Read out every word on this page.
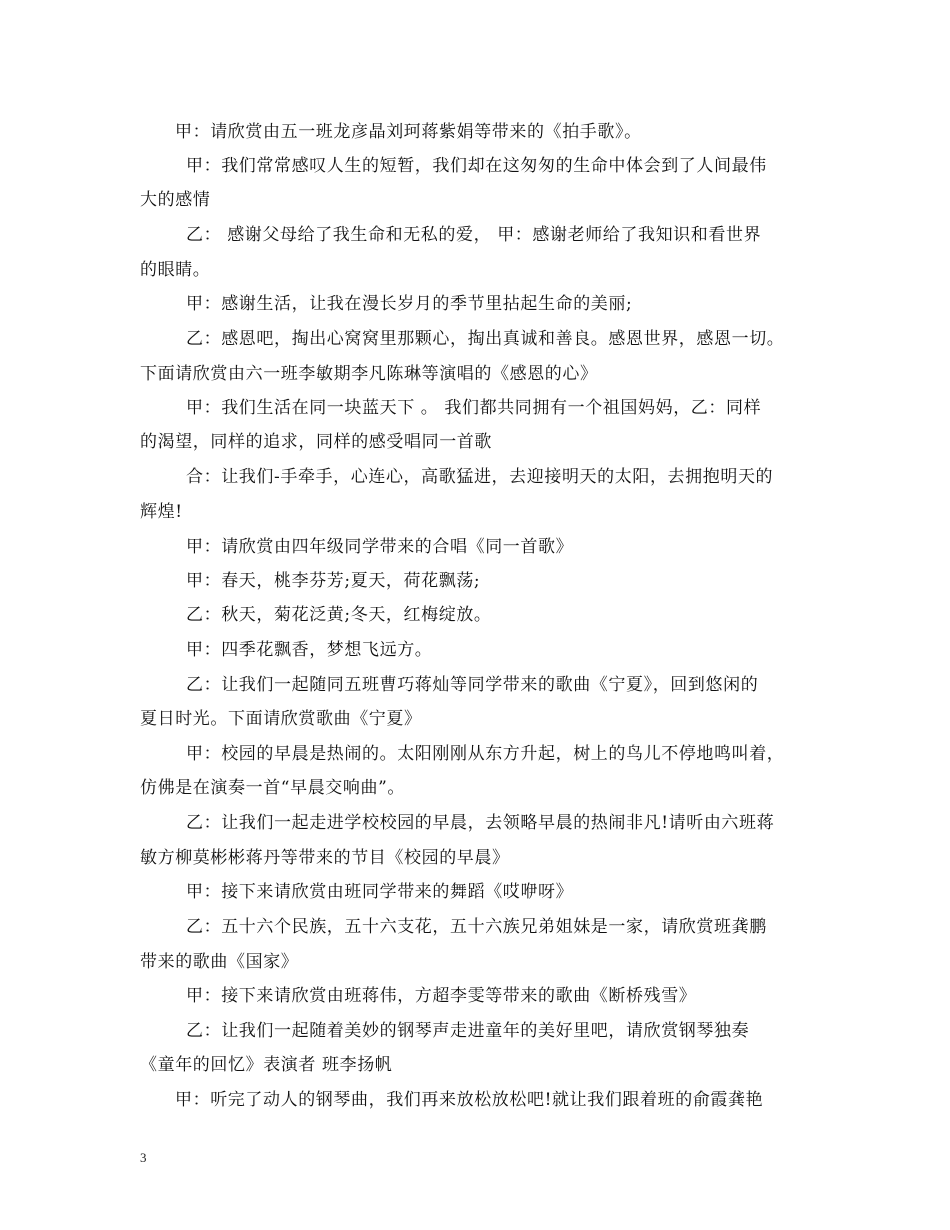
甲：请欣赏由五一班龙彦晶刘珂蒋紫娟等带来的《拍手歌》。
甲：我们常常感叹人生的短暂，我们却在这匆匆的生命中体会到了人间最伟
大的感情
乙： 感谢父母给了我生命和无私的爱， 甲：感谢老师给了我知识和看世界
的眼睛。
甲：感谢生活，让我在漫长岁月的季节里拈起生命的美丽;
乙：感恩吧，掏出心窝窝里那颗心，掏出真诚和善良。感恩世界，感恩一切。
下面请欣赏由六一班李敏期李凡陈琳等演唱的《感恩的心》
甲：我们生活在同一块蓝天下 。 我们都共同拥有一个祖国妈妈，乙：同样
的渴望，同样的追求，同样的感受唱同一首歌
合：让我们-手牵手，心连心，高歌猛进，去迎接明天的太阳，去拥抱明天的
辉煌!
甲：请欣赏由四年级同学带来的合唱《同一首歌》
甲：春天，桃李芬芳;夏天，荷花飘荡;
乙：秋天，菊花泛黄;冬天，红梅绽放。
甲：四季花飘香，梦想飞远方。
乙：让我们一起随同五班曹巧蒋灿等同学带来的歌曲《宁夏》，回到悠闲的
夏日时光。下面请欣赏歌曲《宁夏》
甲：校园的早晨是热闹的。太阳刚刚从东方升起，树上的鸟儿不停地鸣叫着，
仿佛是在演奏一首“早晨交响曲”。
乙：让我们一起走进学校校园的早晨，去领略早晨的热闹非凡!请听由六班蒋
敏方柳莫彬彬蒋丹等带来的节目《校园的早晨》
甲：接下来请欣赏由班同学带来的舞蹈《哎咿呀》
乙：五十六个民族，五十六支花，五十六族兄弟姐妹是一家，请欣赏班龚鹏
带来的歌曲《国家》
甲：接下来请欣赏由班蒋伟，方超李雯等带来的歌曲《断桥残雪》
乙：让我们一起随着美妙的钢琴声走进童年的美好里吧，请欣赏钢琴独奏
《童年的回忆》表演者 班李扬帆
甲：听完了动人的钢琴曲，我们再来放松放松吧!就让我们跟着班的俞霞龚艳
3
